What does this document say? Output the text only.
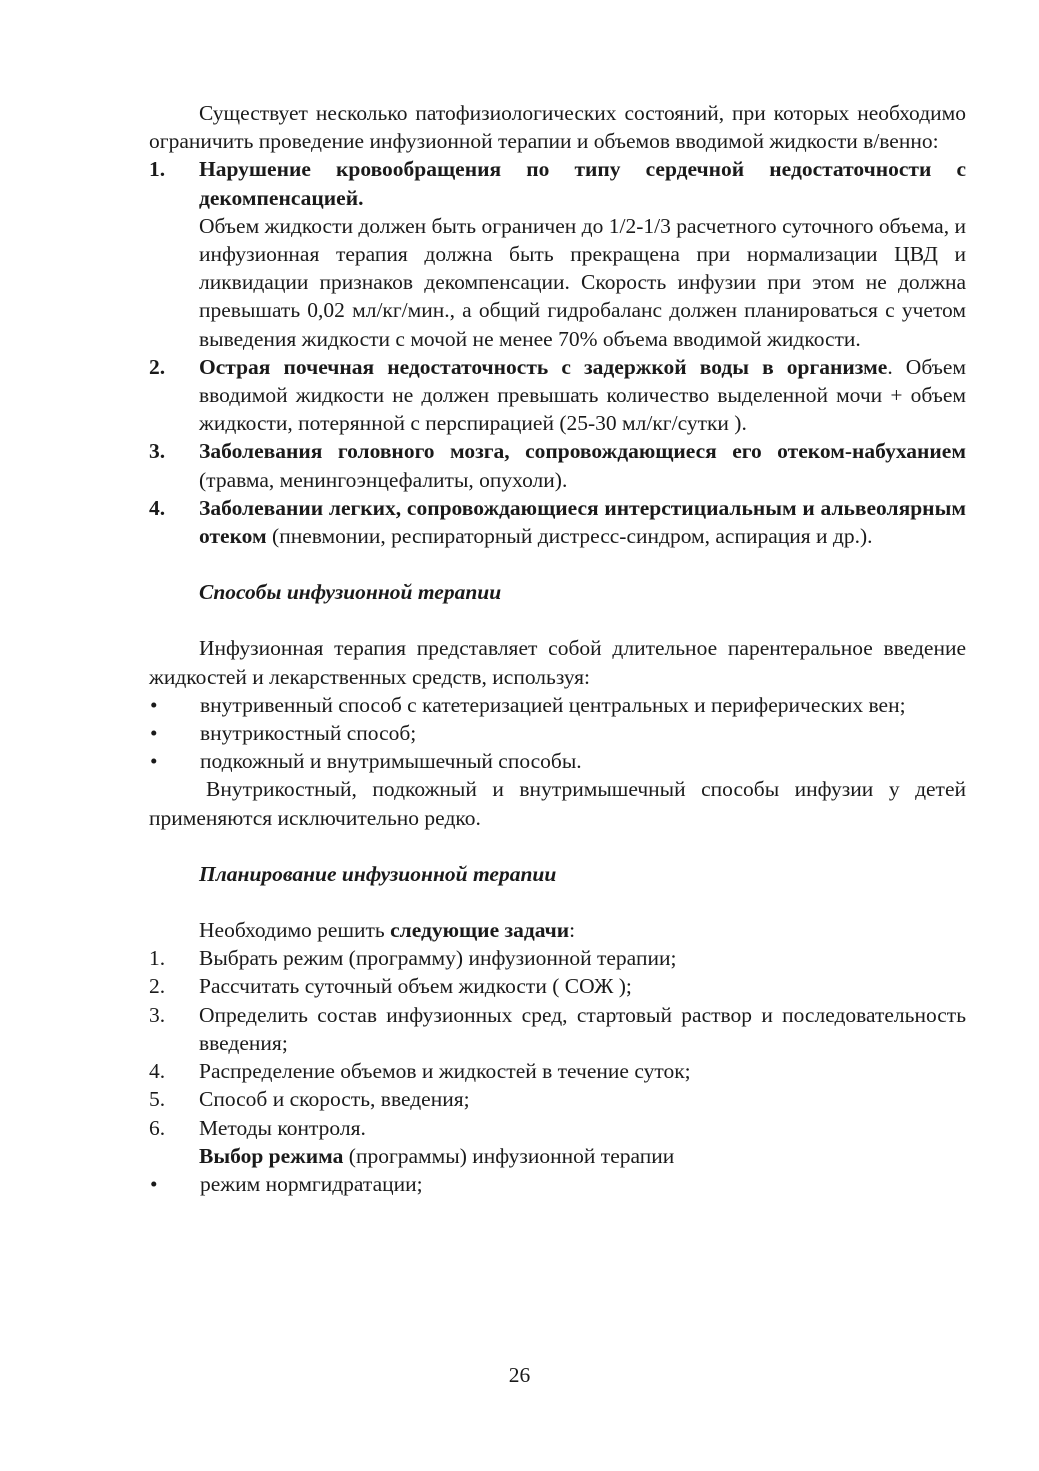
Существует несколько патофизиологических состояний, при которых необходимо ограничить проведение инфузионной терапии и объемов вводимой жидкости в/венно:

1.	Нарушение кровообращения по типу сердечной недостаточности с декомпенсацией.

Объем жидкости должен быть ограничен до 1/2-1/3 расчетного суточного объема, и инфузионная терапия должна быть прекращена при нормализации ЦВД и ликвидации признаков декомпенсации. Скорость инфузии при этом не должна превышать 0,02 мл/кг/мин., а общий гидробаланс должен планироваться с учетом выведения жидкости с мочой не менее 70% объема вводимой жидкости.

2.	Острая почечная недостаточность с задержкой воды в организме. Объем вводимой жидкости не должен превышать количество выделенной мочи + объем жидкости, потерянной с перспирацией (25-30 мл/кг/сутки ).
3.	Заболевания головного мозга, сопровождающиеся его отеком-набуханием (травма, менингоэнцефалиты, опухоли).
4.	Заболевании легких, сопровождающиеся интерстициальным и альвеолярным отеком (пневмонии, респираторный дистресс-синдром, аспирация и др.).

Способы инфузионной терапии

Инфузионная терапия представляет собой длительное парентеральное введение жидкостей и лекарственных средств, используя:

•	внутривенный способ с катетеризацией центральных и периферических вен;
•	внутрикостный способ;
•	подкожный и внутримышечный способы.

Внутрикостный, подкожный и внутримышечный способы инфузии у детей применяются исключительно редко.

Планирование инфузионной терапии

Необходимо решить следующие задачи:

1.	Выбрать режим (программу) инфузионной терапии;
2.	Рассчитать суточный объем жидкости ( СОЖ );
3.	Определить состав инфузионных сред, стартовый раствор и последовательность введения;
4.	Распределение объемов и жидкостей в течение суток;
5.	Способ и скорость, введения;
6.	Методы контроля.

Выбор режима (программы) инфузионной терапии

•	режим нормгидратации;
26
